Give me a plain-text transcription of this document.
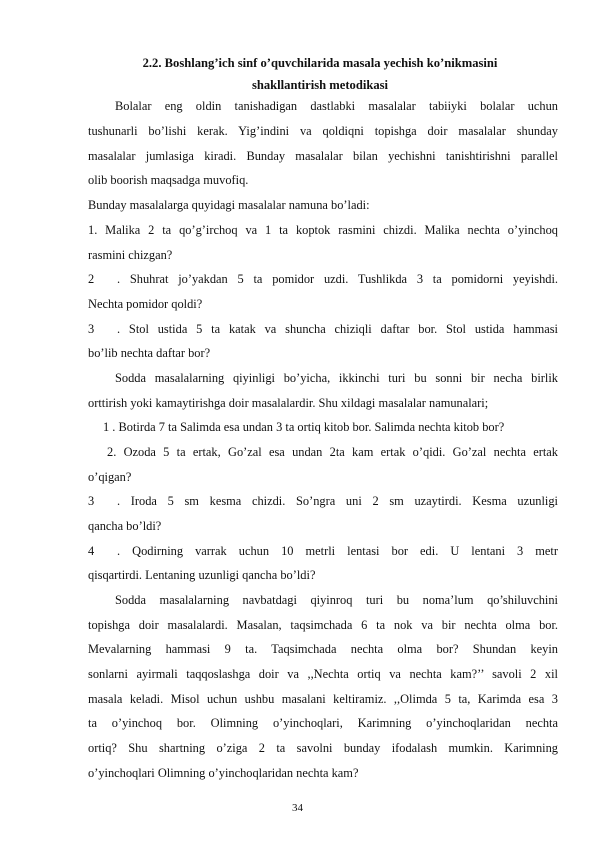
2.2. Boshlang’ich sinf o’quvchilarida masala yechish ko’nikmasini
shakllantirish metodikasi
Bolalar eng oldin tanishadigan dastlabki masalalar tabiiyki bolalar uchun
tushunarli bo’lishi kerak. Yig’indini va qoldiqni topishga doir masalalar shunday
masalalar jumlasiga kiradi. Bunday masalalar bilan yechishni tanishtirishni parallel
olib boorish maqsadga muvofiq.
Bunday masalalarga quyidagi masalalar namuna bo’ladi:
1. Malika 2 ta qo’g’irchoq va 1 ta koptok rasmini chizdi. Malika nechta o’yinchoq
rasmini chizgan?
2 . Shuhrat jo’yakdan 5 ta pomidor uzdi. Tushlikda 3 ta pomidorni yeyishdi.
Nechta pomidor qoldi?
3 . Stol ustida 5 ta katak va shuncha chiziqli daftar bor. Stol ustida hammasi
bo’lib nechta daftar bor?
Sodda masalalarning qiyinligi bo’yicha, ikkinchi turi bu sonni bir necha birlik
orttirish yoki kamaytirishga doir masalalardir. Shu xildagi masalalar namunalari;
1 . Botirda 7 ta Salimda esa undan 3 ta ortiq kitob bor. Salimda nechta kitob bor?
2. Ozoda 5 ta ertak, Go’zal esa undan 2ta kam ertak o’qidi. Go’zal nechta ertak
o’qigan?
3 . Iroda 5 sm kesma chizdi. So’ngra uni 2 sm uzaytirdi. Kesma uzunligi
qancha bo’ldi?
4 . Qodirning varrak uchun 10 metrli lentasi bor edi. U lentani 3 metr
qisqartirdi. Lentaning uzunligi qancha bo’ldi?
Sodda masalalarning navbatdagi qiyinroq turi bu noma’lum qo’shiluvchini
topishga doir masalalardi. Masalan, taqsimchada 6 ta nok va bir nechta olma bor.
Mevalarning hammasi 9 ta. Taqsimchada nechta olma bor? Shundan keyin
sonlarni ayirmali taqqoslashga doir va ,,Nechta ortiq va nechta kam?’’ savoli 2 xil
masala keladi. Misol uchun ushbu masalani keltiramiz. ,,Olimda 5 ta, Karimda esa 3
ta o’yinchoq bor. Olimning o’yinchoqlari, Karimning o’yinchoqlaridan nechta
ortiq? Shu shartning o’ziga 2 ta savolni bunday ifodalash mumkin. Karimning
o’yinchoqlari Olimning o’yinchoqlaridan nechta kam?
34
